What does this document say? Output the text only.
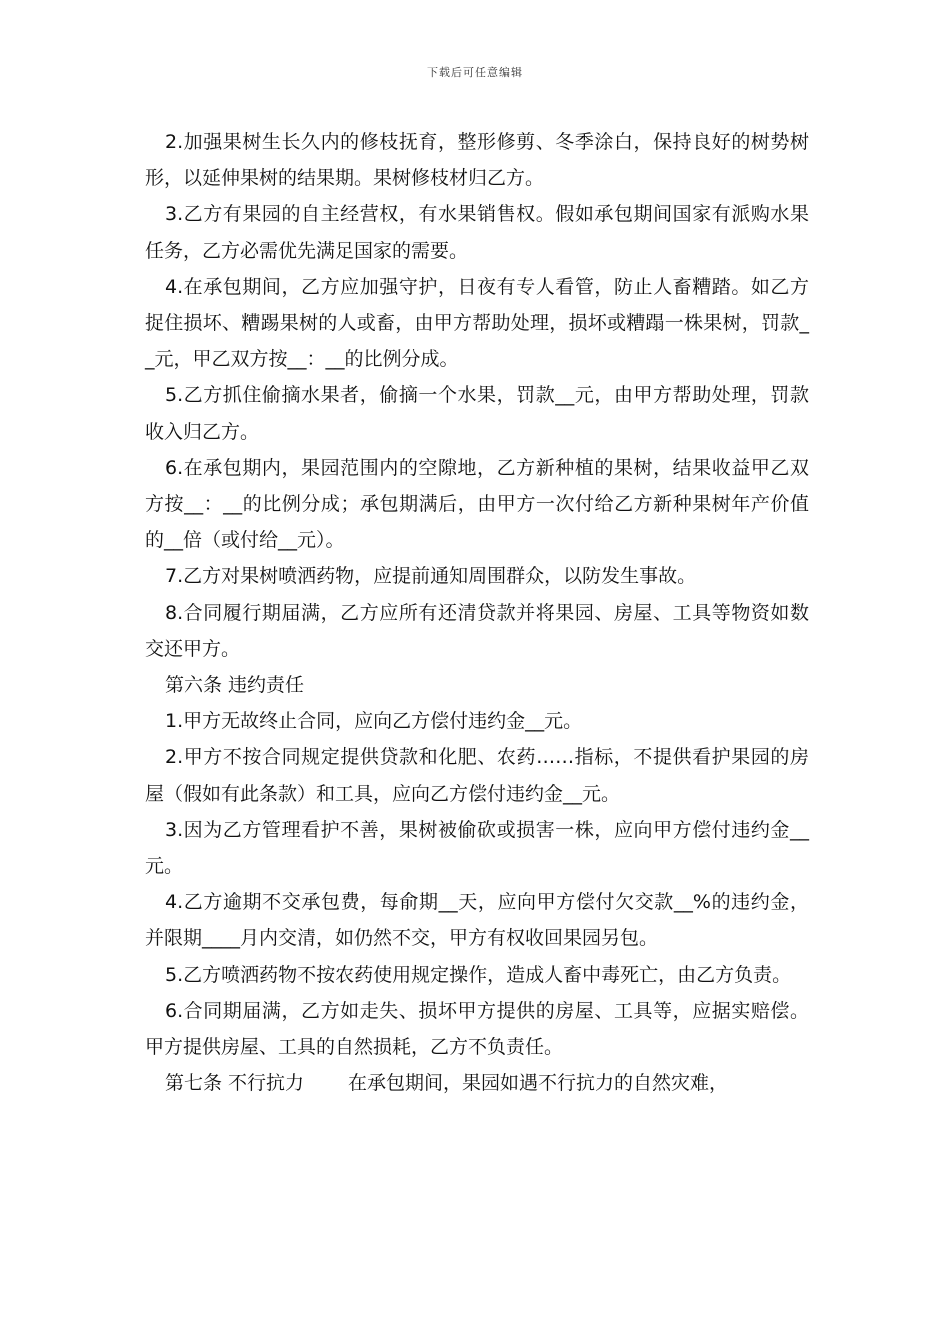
下载后可任意编辑

2.加强果树生长久内的修枝抚育，整形修剪、冬季涂白，保持良好的树势树形，以延伸果树的结果期。果树修枝材归乙方。

3.乙方有果园的自主经营权，有水果销售权。假如承包期间国家有派购水果任务，乙方必需优先满足国家的需要。

4.在承包期间，乙方应加强守护，日夜有专人看管，防止人畜糟踏。如乙方捉住损坏、糟踢果树的人或畜，由甲方帮助处理，损坏或糟蹋一株果树，罚款__元，甲乙双方按__：__的比例分成。

5.乙方抓住偷摘水果者，偷摘一个水果，罚款__元，由甲方帮助处理，罚款收入归乙方。

6.在承包期内，果园范围内的空隙地，乙方新种植的果树，结果收益甲乙双方按__：__的比例分成；承包期满后，由甲方一次付给乙方新种果树年产价值的__倍（或付给__元）。

7.乙方对果树喷洒药物，应提前通知周围群众，以防发生事故。

8.合同履行期届满，乙方应所有还清贷款并将果园、房屋、工具等物资如数交还甲方。

第六条 违约责任

1.甲方无故终止合同，应向乙方偿付违约金__元。

2.甲方不按合同规定提供贷款和化肥、农药……指标，不提供看护果园的房屋（假如有此条款）和工具，应向乙方偿付违约金__元。

3.因为乙方管理看护不善，果树被偷砍或损害一株，应向甲方偿付违约金__元。

4.乙方逾期不交承包费，每俞期__天，应向甲方偿付欠交款__%的违约金，并限期____月内交清，如仍然不交，甲方有权收回果园另包。

5.乙方喷洒药物不按农药使用规定操作，造成人畜中毒死亡，由乙方负责。

6.合同期届满，乙方如走失、损坏甲方提供的房屋、工具等，应据实赔偿。甲方提供房屋、工具的自然损耗，乙方不负责任。

第七条 不行抗力 在承包期间，果园如遇不行抗力的自然灾难，
